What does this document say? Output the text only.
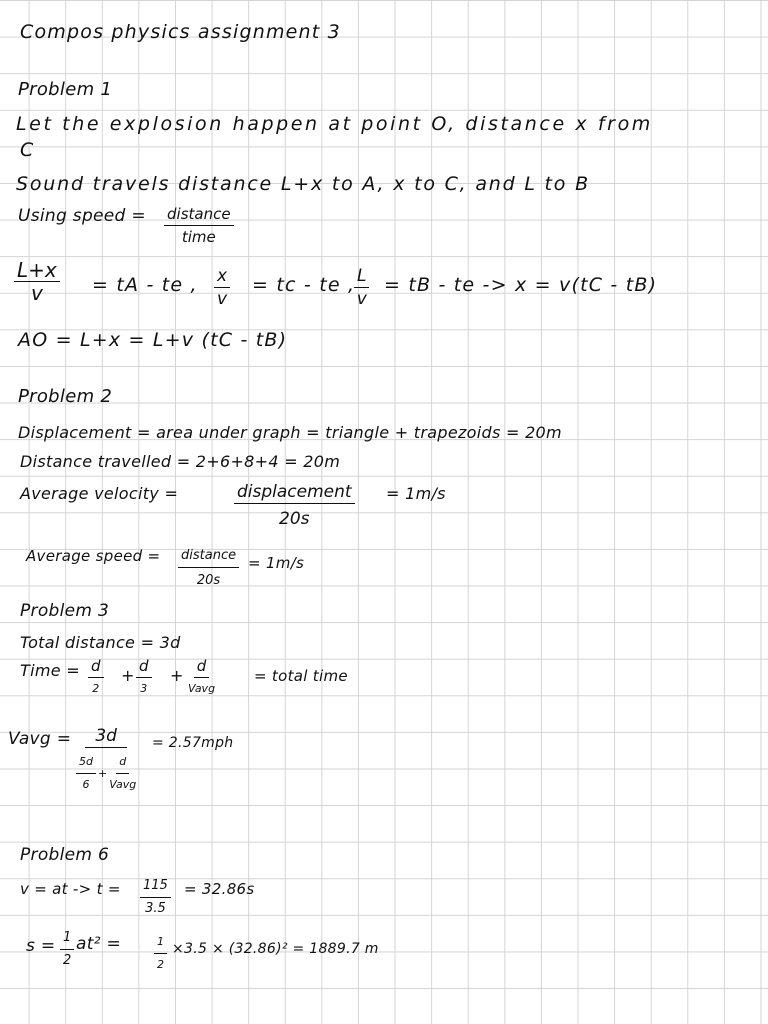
Compos physics assignment 3
Problem 1
Let the explosion happen at point O, distance x from
C
Sound travels distance L+x to A, x to C, and L to B
Using speed = distance
time
$\frac{L+x}{v}$ = tA - te , $\frac{x}{v}$ = tc - te ,
$\frac{L}{v}$ = tB - te -> x = v(tC - tB)
AO = L+x = L+v (tC - tB)
Problem 2
Displacement = area under graph = triangle + trapezoids = 20m
Distance travelled = 2+6+8+4 = 20m
Average velocity =	displacement
20s
= 1m/s
Average speed = distance
20s
= 1m/s
Problem 3
Total distance = 3d
Time = d
2
+ d
3
+ d
Vavg
= total time
Vavg =	3d
$\frac{5d}{6} + \frac{d}{\text{Vavg}}$
= 2.57mph
Problem 6
v = at -> $t = \frac{115}{3.5} = 32.86s$
$s = \frac{1}{2} at^2$ =	$\frac{1}{2} \times 3.5 \times (32.86)^2 = 1889.7$ m
